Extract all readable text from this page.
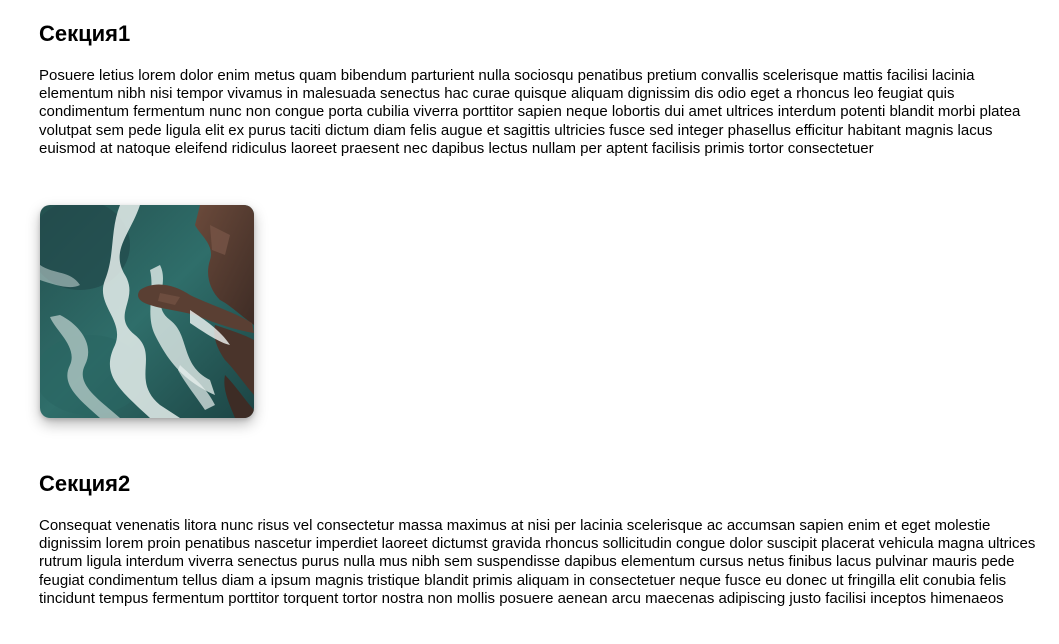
Секция1

Posuere letius lorem dolor enim metus quam bibendum parturient nulla sociosqu penatibus pretium convallis scelerisque mattis facilisi lacinia elementum nibh nisi tempor vivamus in malesuada senectus hac curae quisque aliquam dignissim dis odio eget a rhoncus leo feugiat quis condimentum fermentum nunc non congue porta cubilia viverra porttitor sapien neque lobortis dui amet ultrices interdum potenti blandit morbi platea volutpat sem pede ligula elit ex purus taciti dictum diam felis augue et sagittis ultricies fusce sed integer phasellus efficitur habitant magnis lacus euismod at natoque eleifend ridiculus laoreet praesent nec dapibus lectus nullam per aptent facilisis primis tortor consectetuer

Секция2

Consequat venenatis litora nunc risus vel consectetur massa maximus at nisi per lacinia scelerisque ac accumsan sapien enim et eget molestie dignissim lorem proin penatibus nascetur imperdiet laoreet dictumst gravida rhoncus sollicitudin congue dolor suscipit placerat vehicula magna ultrices rutrum ligula interdum viverra senectus purus nulla mus nibh sem suspendisse dapibus elementum cursus netus finibus lacus pulvinar mauris pede feugiat condimentum tellus diam a ipsum magnis tristique blandit primis aliquam in consectetuer neque fusce eu donec ut fringilla elit conubia felis tincidunt tempus fermentum porttitor torquent tortor nostra non mollis posuere aenean arcu maecenas adipiscing justo facilisi inceptos himenaeos
